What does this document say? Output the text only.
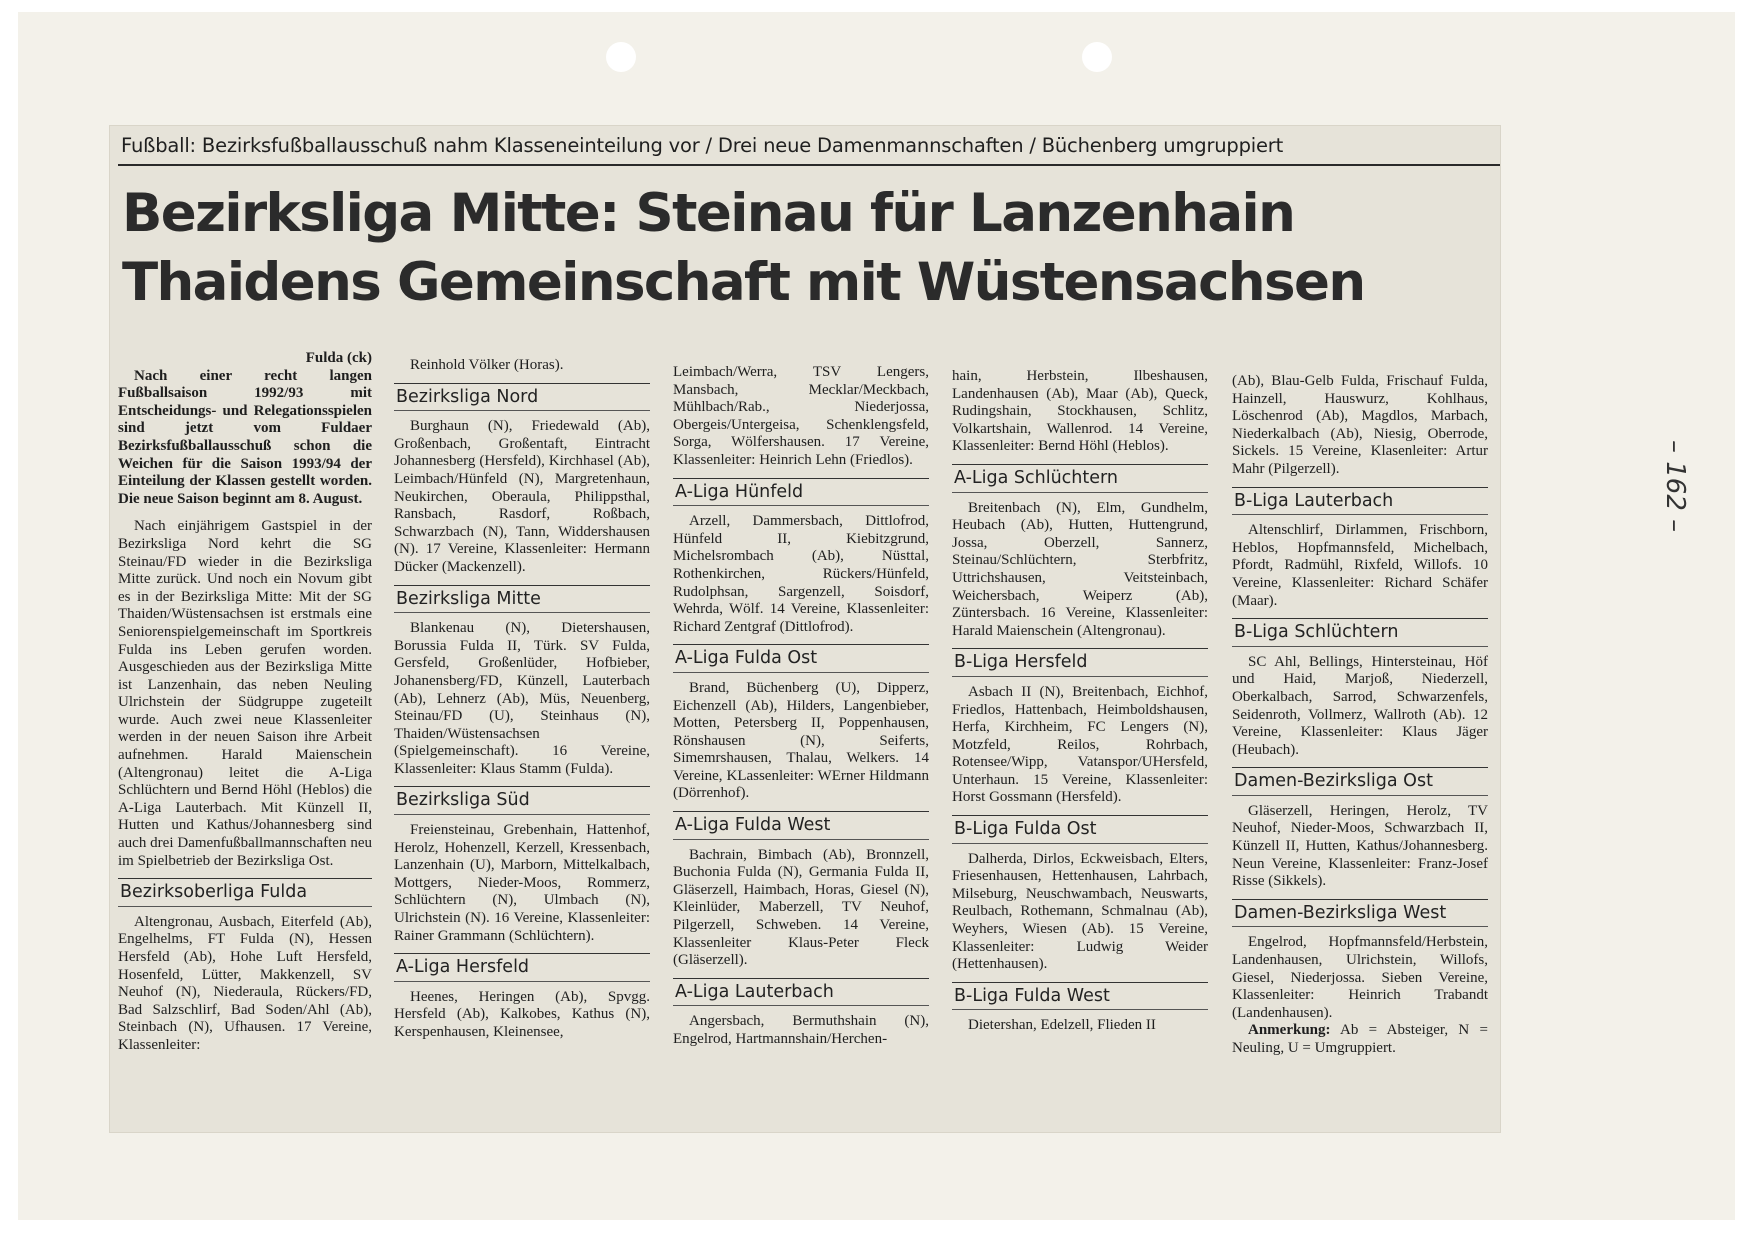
Fußball: Bezirksfußballausschuß nahm Klasseneinteilung vor / Drei neue Damenmannschaften / Büchenberg umgruppiert
Bezirksliga Mitte: Steinau für Lanzenhain
Thaidens Gemeinschaft mit Wüstensachsen
Fulda (ck)

Nach einer recht langen Fußballsaison 1992/93 mit Entscheidungs- und Relegationsspielen sind jetzt vom Fuldaer Bezirksfußballausschuß schon die Weichen für die Saison 1993/94 der Einteilung der Klassen gestellt worden. Die neue Saison beginnt am 8. August.

Nach einjährigem Gastspiel in der Bezirksliga Nord kehrt die SG Steinau/FD wieder in die Bezirksliga Mitte zurück. Und noch ein Novum gibt es in der Bezirksliga Mitte: Mit der SG Thaiden/Wüstensachsen ist erstmals eine Seniorenspielgemeinschaft im Sportkreis Fulda ins Leben gerufen worden. Ausgeschieden aus der Bezirksliga Mitte ist Lanzenhain, das neben Neuling Ulrichstein der Südgruppe zugeteilt wurde. Auch zwei neue Klassenleiter werden in der neuen Saison ihre Arbeit aufnehmen. Harald Maienschein (Altengronau) leitet die A-Liga Schlüchtern und Bernd Höhl (Heblos) die A-Liga Lauterbach. Mit Künzell II, Hutten und Kathus/Johannesberg sind auch drei Damenfußballmannschaften neu im Spielbetrieb der Bezirksliga Ost.

Bezirksoberliga Fulda

Altengronau, Ausbach, Eiterfeld (Ab), Engelhelms, FT Fulda (N), Hessen Hersfeld (Ab), Hohe Luft Hersfeld, Hosenfeld, Lütter, Makkenzell, SV Neuhof (N), Niederaula, Rückers/FD, Bad Salzschlirf, Bad Soden/Ahl (Ab), Steinbach (N), Ufhausen. 17 Vereine, Klassenleiter:

Reinhold Völker (Horas).

Bezirksliga Nord

Burghaun (N), Friedewald (Ab), Großenbach, Großentaft, Eintracht Johannesberg (Hersfeld), Kirchhasel (Ab), Leimbach/Hünfeld (N), Margretenhaun, Neukirchen, Oberaula, Philippsthal, Ransbach, Rasdorf, Roßbach, Schwarzbach (N), Tann, Widdershausen (N). 17 Vereine, Klassenleiter: Hermann Dücker (Mackenzell).

Bezirksliga Mitte

Blankenau (N), Dietershausen, Borussia Fulda II, Türk. SV Fulda, Gersfeld, Großenlüder, Hofbieber, Johanensberg/FD, Künzell, Lauterbach (Ab), Lehnerz (Ab), Müs, Neuenberg, Steinau/FD (U), Steinhaus (N), Thaiden/Wüstensachsen (Spielgemeinschaft). 16 Vereine, Klassenleiter: Klaus Stamm (Fulda).

Bezirksliga Süd

Freiensteinau, Grebenhain, Hattenhof, Herolz, Hohenzell, Kerzell, Kressenbach, Lanzenhain (U), Marborn, Mittelkalbach, Mottgers, Nieder-Moos, Rommerz, Schlüchtern (N), Ulmbach (N), Ulrichstein (N). 16 Vereine, Klassenleiter: Rainer Grammann (Schlüchtern).

A-Liga Hersfeld

Heenes, Heringen (Ab), Spvgg. Hersfeld (Ab), Kalkobes, Kathus (N), Kerspenhausen, Kleinensee,

Leimbach/Werra, TSV Lengers, Mansbach, Mecklar/Meckbach, Mühlbach/Rab., Niederjossa, Obergeis/Untergeisa, Schenklengsfeld, Sorga, Wölfershausen. 17 Vereine, Klassenleiter: Heinrich Lehn (Friedlos).

A-Liga Hünfeld

Arzell, Dammersbach, Dittlofrod, Hünfeld II, Kiebitzgrund, Michelsrombach (Ab), Nüsttal, Rothenkirchen, Rückers/Hünfeld, Rudolphsan, Sargenzell, Soisdorf, Wehrda, Wölf. 14 Vereine, Klassenleiter: Richard Zentgraf (Dittlofrod).

A-Liga Fulda Ost

Brand, Büchenberg (U), Dipperz, Eichenzell (Ab), Hilders, Langenbieber, Motten, Petersberg II, Poppenhausen, Rönshausen (N), Seiferts, Simemrshausen, Thalau, Welkers. 14 Vereine, KLassenleiter: WErner Hildmann (Dörrenhof).

A-Liga Fulda West

Bachrain, Bimbach (Ab), Bronnzell, Buchonia Fulda (N), Germania Fulda II, Gläserzell, Haimbach, Horas, Giesel (N), Kleinlüder, Maberzell, TV Neuhof, Pilgerzell, Schweben. 14 Vereine, Klassenleiter Klaus-Peter Fleck (Gläserzell).

A-Liga Lauterbach

Angersbach, Bermuthshain (N), Engelrod, Hartmannshain/Herchen-

hain, Herbstein, Ilbeshausen, Landenhausen (Ab), Maar (Ab), Queck, Rudingshain, Stockhausen, Schlitz, Volkartshain, Wallenrod. 14 Vereine, Klassenleiter: Bernd Höhl (Heblos).

A-Liga Schlüchtern

Breitenbach (N), Elm, Gundhelm, Heubach (Ab), Hutten, Huttengrund, Jossa, Oberzell, Sannerz, Steinau/Schlüchtern, Sterbfritz, Uttrichshausen, Veitsteinbach, Weichersbach, Weiperz (Ab), Züntersbach. 16 Vereine, Klassenleiter: Harald Maienschein (Altengronau).

B-Liga Hersfeld

Asbach II (N), Breitenbach, Eichhof, Friedlos, Hattenbach, Heimboldshausen, Herfa, Kirchheim, FC Lengers (N), Motzfeld, Reilos, Rohrbach, Rotensee/Wipp, Vatanspor/UHersfeld, Unterhaun. 15 Vereine, Klassenleiter: Horst Gossmann (Hersfeld).

B-Liga Fulda Ost

Dalherda, Dirlos, Eckweisbach, Elters, Friesenhausen, Hettenhausen, Lahrbach, Milseburg, Neuschwambach, Neuswarts, Reulbach, Rothemann, Schmalnau (Ab), Weyhers, Wiesen (Ab). 15 Vereine, Klassenleiter: Ludwig Weider (Hettenhausen).

B-Liga Fulda West

Dietershan, Edelzell, Flieden II

(Ab), Blau-Gelb Fulda, Frischauf Fulda, Hainzell, Hauswurz, Kohlhaus, Löschenrod (Ab), Magdlos, Marbach, Niederkalbach (Ab), Niesig, Oberrode, Sickels. 15 Vereine, Klasenleiter: Artur Mahr (Pilgerzell).

B-Liga Lauterbach

Altenschlirf, Dirlammen, Frischborn, Heblos, Hopfmannsfeld, Michelbach, Pfordt, Radmühl, Rixfeld, Willofs. 10 Vereine, Klassenleiter: Richard Schäfer (Maar).

B-Liga Schlüchtern

SC Ahl, Bellings, Hintersteinau, Höf und Haid, Marjoß, Niederzell, Oberkalbach, Sarrod, Schwarzenfels, Seidenroth, Vollmerz, Wallroth (Ab). 12 Vereine, Klassenleiter: Klaus Jäger (Heubach).

Damen-Bezirksliga Ost

Gläserzell, Heringen, Herolz, TV Neuhof, Nieder-Moos, Schwarzbach II, Künzell II, Hutten, Kathus/Johannesberg. Neun Vereine, Klassenleiter: Franz-Josef Risse (Sikkels).

Damen-Bezirksliga West

Engelrod, Hopfmannsfeld/Herbstein, Landenhausen, Ulrichstein, Willofs, Giesel, Niederjossa. Sieben Vereine, Klassenleiter: Heinrich Trabandt (Landenhausen).

Anmerkung: Ab = Absteiger, N = Neuling, U = Umgruppiert.

– 162 –
